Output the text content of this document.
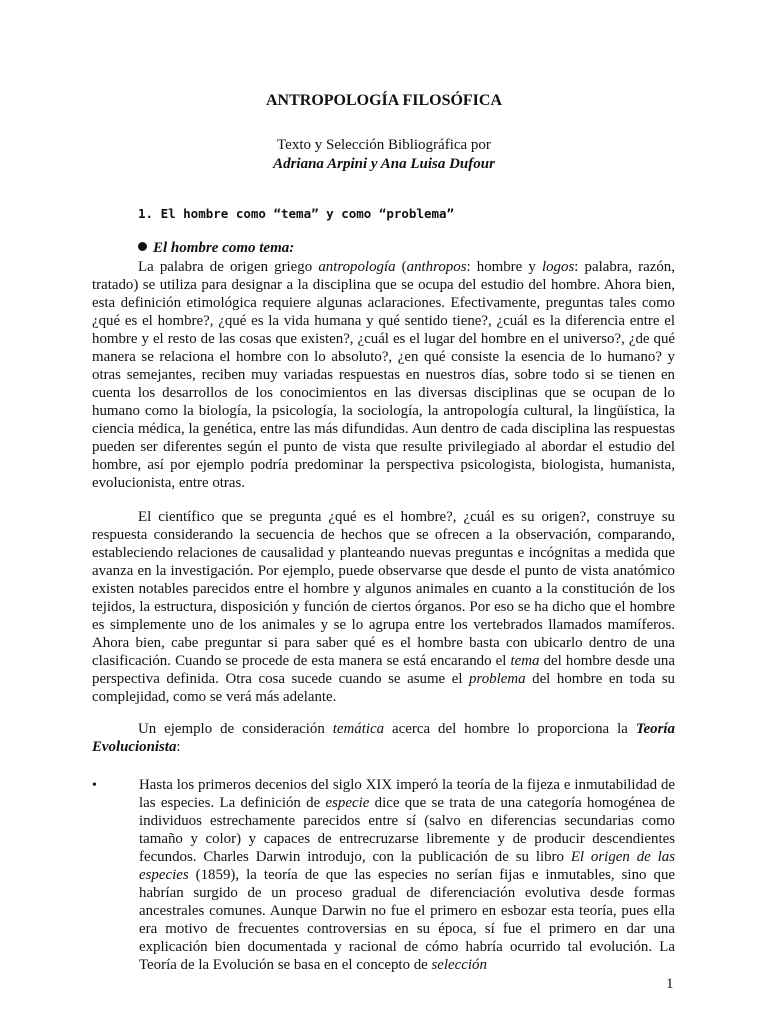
ANTROPOLOGÍA FILOSÓFICA
Texto y Selección Bibliográfica por
Adriana Arpini y Ana Luisa Dufour
1. El hombre como “tema” y como “problema”
El hombre como tema:

La palabra de origen griego antropología (anthropos: hombre y logos: palabra, razón, tratado) se utiliza para designar a la disciplina que se ocupa del estudio del hombre. Ahora bien, esta definición etimológica requiere algunas aclaraciones. Efectivamente, preguntas tales como ¿qué es el hombre?, ¿qué es la vida humana y qué sentido tiene?, ¿cuál es la diferencia entre el hombre y el resto de las cosas que existen?, ¿cuál es el lugar del hombre en el universo?, ¿de qué manera se relaciona el hombre con lo absoluto?, ¿en qué consiste la esencia de lo humano? y otras semejantes, reciben muy variadas respuestas en nuestros días, sobre todo si se tienen en cuenta los desarrollos de los conocimientos en las diversas disciplinas que se ocupan de lo humano como la biología, la psicología, la sociología, la antropología cultural, la lingüística, la ciencia médica, la genética, entre las más difundidas. Aun dentro de cada disciplina las respuestas pueden ser diferentes según el punto de vista que resulte privilegiado al abordar el estudio del hombre, así por ejemplo podría predominar la perspectiva psicologista, biologista, humanista, evolucionista, entre otras.

El científico que se pregunta ¿qué es el hombre?, ¿cuál es su origen?, construye su respuesta considerando la secuencia de hechos que se ofrecen a la observación, comparando, estableciendo relaciones de causalidad y planteando nuevas preguntas e incógnitas a medida que avanza en la investigación. Por ejemplo, puede observarse que desde el punto de vista anatómico existen notables parecidos entre el hombre y algunos animales en cuanto a la constitución de los tejidos, la estructura, disposición y función de ciertos órganos. Por eso se ha dicho que el hombre es simplemente uno de los animales y se lo agrupa entre los vertebrados llamados mamíferos. Ahora bien, cabe preguntar si para saber qué es el hombre basta con ubicarlo dentro de una clasificación. Cuando se procede de esta manera se está encarando el tema del hombre desde una perspectiva definida. Otra cosa sucede cuando se asume el problema del hombre en toda su complejidad, como se verá más adelante.

Un ejemplo de consideración temática acerca del hombre lo proporciona la Teoría Evolucionista:

•	Hasta los primeros decenios del siglo XIX imperó la teoría de la fijeza e inmutabilidad de las especies. La definición de especie dice que se trata de una categoría homogénea de individuos estrechamente parecidos entre sí (salvo en diferencias secundarias como tamaño y color) y capaces de entrecruzarse libremente y de producir descendientes fecundos. Charles Darwin introdujo, con la publicación de su libro El origen de las especies (1859), la teoría de que las especies no serían fijas e inmutables, sino que habrían surgido de un proceso gradual de diferenciación evolutiva desde formas ancestrales comunes. Aunque Darwin no fue el primero en esbozar esta teoría, pues ella era motivo de frecuentes controversias en su época, sí fue el primero en dar una explicación bien documentada y racional de cómo habría ocurrido tal evolución. La Teoría de la Evolución se basa en el concepto de selección

1
